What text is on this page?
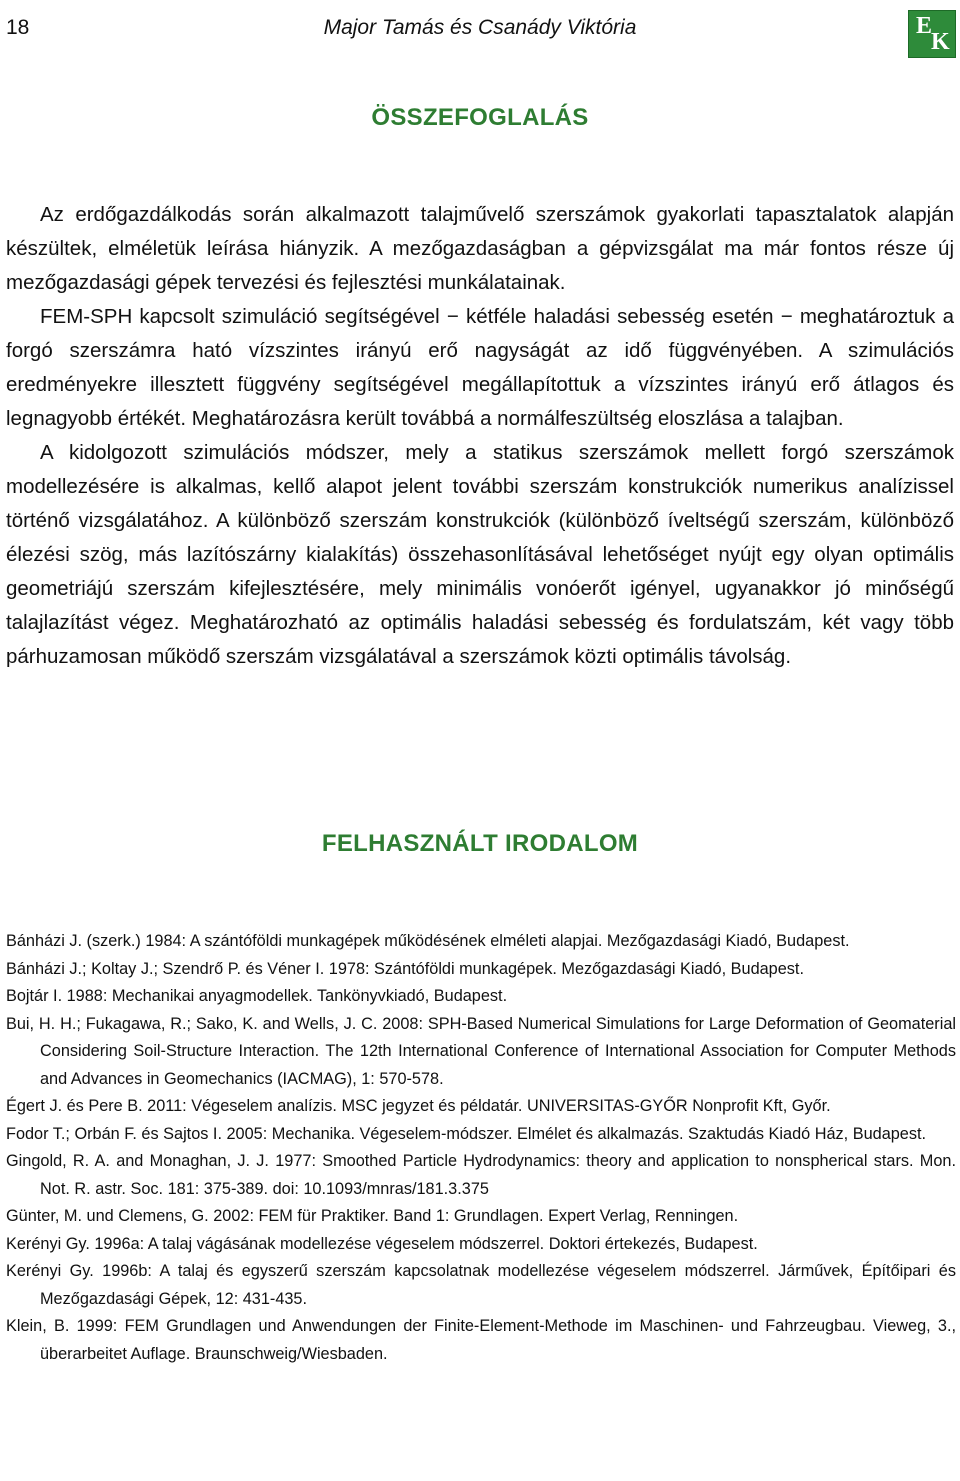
18	Major Tamás és Csanády Viktória	E
K
ÖSSZEFOGLALÁS

Az erdőgazdálkodás során alkalmazott talajművelő szerszámok gyakorlati tapasztalatok alapján készültek, elméletük leírása hiányzik. A mezőgazdaságban a gépvizsgálat ma már fontos része új mezőgazdasági gépek tervezési és fejlesztési munkálatainak.

FEM-SPH kapcsolt szimuláció segítségével − kétféle haladási sebesség esetén − meghatároztuk a forgó szerszámra ható vízszintes irányú erő nagyságát az idő függvényében. A szimulációs eredményekre illesztett függvény segítségével megállapítottuk a vízszintes irányú erő átlagos és legnagyobb értékét. Meghatározásra került továbbá a normálfeszültség eloszlása a talajban.

A kidolgozott szimulációs módszer, mely a statikus szerszámok mellett forgó szerszámok modellezésére is alkalmas, kellő alapot jelent további szerszám konstrukciók numerikus analízissel történő vizsgálatához. A különböző szerszám konstrukciók (különböző íveltségű szerszám, különböző élezési szög, más lazítószárny kialakítás) összehasonlításával lehetőséget nyújt egy olyan optimális geometriájú szerszám kifejlesztésére, mely minimális vonóerőt igényel, ugyanakkor jó minőségű talajlazítást végez. Meghatározható az optimális haladási sebesség és fordulatszám, két vagy több párhuzamosan működő szerszám vizsgálatával a szerszámok közti optimális távolság.

FELHASZNÁLT IRODALOM
Bánházi J. (szerk.) 1984: A szántóföldi munkagépek működésének elméleti alapjai. Mezőgazdasági Kiadó, Budapest.
Bánházi J.; Koltay J.; Szendrő P. és Véner I. 1978: Szántóföldi munkagépek. Mezőgazdasági Kiadó, Budapest.
Bojtár I. 1988: Mechanikai anyagmodellek. Tankönyvkiadó, Budapest.
Bui, H. H.; Fukagawa, R.; Sako, K. and Wells, J. C. 2008: SPH-Based Numerical Simulations for Large Deformation of Geomaterial Considering Soil-Structure Interaction. The 12th International Conference of International Association for Computer Methods and Advances in Geomechanics (IACMAG), 1: 570-578.
Égert J. és Pere B. 2011: Végeselem analízis. MSC jegyzet és példatár. UNIVERSITAS-GYŐR Nonprofit Kft, Győr.
Fodor T.; Orbán F. és Sajtos I. 2005: Mechanika. Végeselem-módszer. Elmélet és alkalmazás. Szaktudás Kiadó Ház, Budapest.
Gingold, R. A. and Monaghan, J. J. 1977: Smoothed Particle Hydrodynamics: theory and application to nonspherical stars. Mon. Not. R. astr. Soc. 181: 375-389. doi: 10.1093/mnras/181.3.375
Günter, M. und Clemens, G. 2002: FEM für Praktiker. Band 1: Grundlagen. Expert Verlag, Renningen.
Kerényi Gy. 1996a: A talaj vágásának modellezése végeselem módszerrel. Doktori értekezés, Budapest.
Kerényi Gy. 1996b: A talaj és egyszerű szerszám kapcsolatnak modellezése végeselem módszerrel. Járművek, Építőipari és Mezőgazdasági Gépek, 12: 431-435.
Klein, B. 1999: FEM Grundlagen und Anwendungen der Finite-Element-Methode im Maschinen- und Fahrzeugbau. Vieweg, 3., überarbeitet Auflage. Braunschweig/Wiesbaden.
